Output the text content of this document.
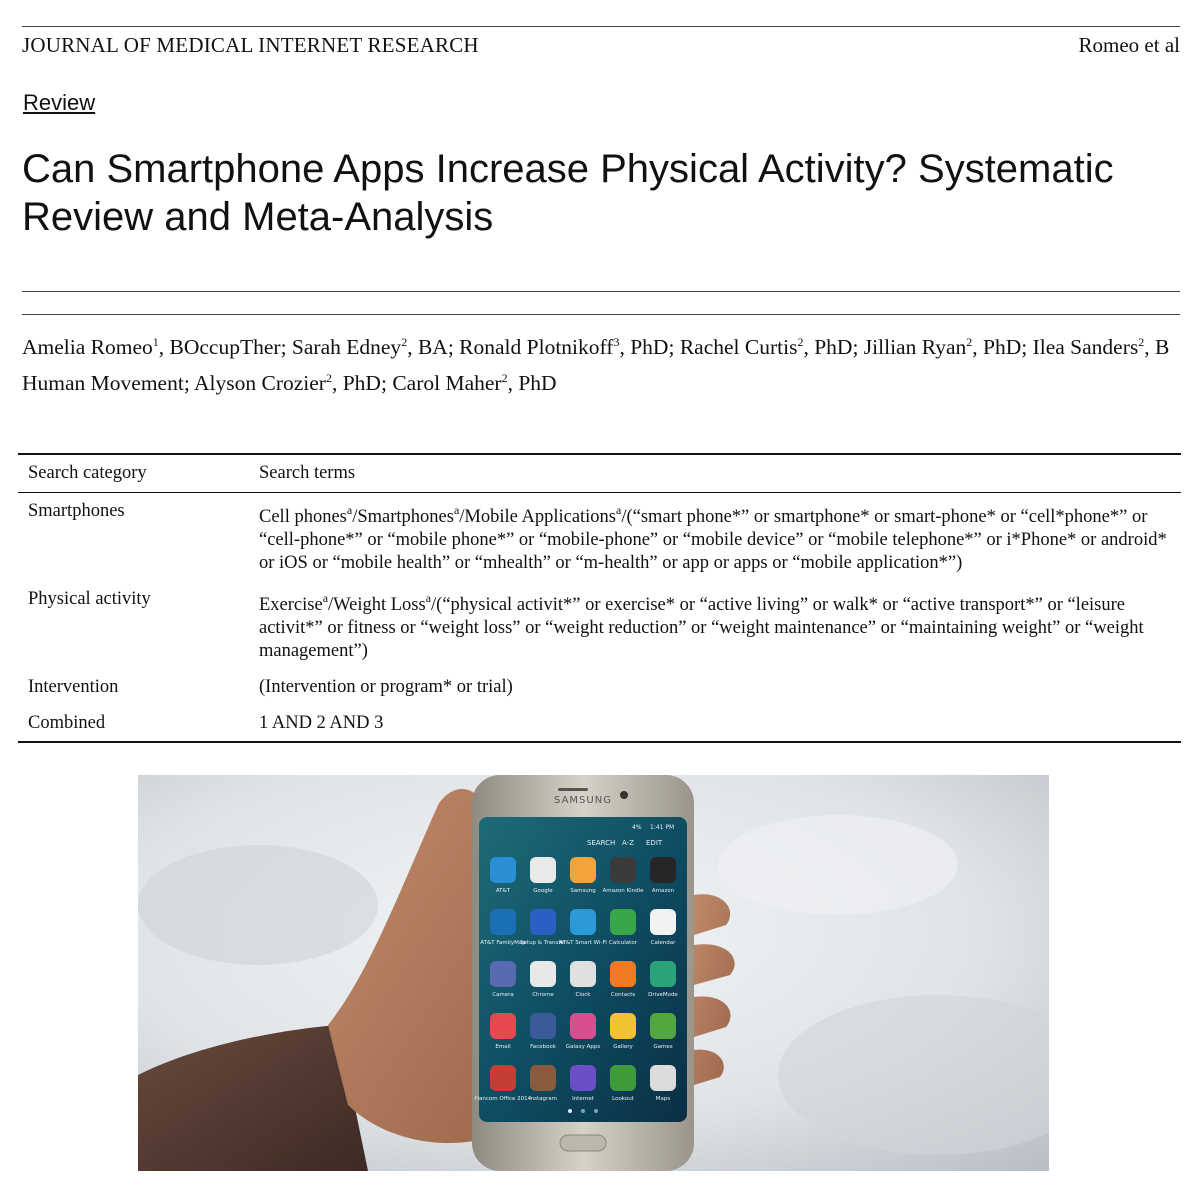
JOURNAL OF MEDICAL INTERNET RESEARCH	Romeo et al
Review
Can Smartphone Apps Increase Physical Activity? Systematic Review and Meta-Analysis
Amelia Romeo$^1$, BOccupTher; Sarah Edney$^2$, BA; Ronald Plotnikoff$^3$, PhD; Rachel Curtis$^2$, PhD; Jillian Ryan$^2$, PhD; Ilea Sanders$^2$, B Human Movement; Alyson Crozier$^2$, PhD; Carol Maher$^2$, PhD
Search category	Search terms
Smartphones	Cell phones$^a$/Smartphones$^a$/Mobile Applications$^a$/(“smart phone*” or smartphone* or smart-phone* or “cell*phone*” or “cell-phone*” or “mobile phone*” or “mobile-phone” or “mobile device” or “mobile telephone*” or i*Phone* or android* or iOS or “mobile health” or “mhealth” or “m-health” or app or apps or “mobile application*”)
Physical activity	Exercise$^a$/Weight Loss$^a$/(“physical activit*” or exercise* or “active living” or walk* or “active transport*” or “leisure activit*” or fitness or “weight loss” or “weight reduction” or “weight maintenance” or “maintaining weight” or “weight management”)
Intervention	(Intervention or program* or trial)
Combined	1 AND 2 AND 3
SAMSUNG
4% 1:41 PM
SEARCH A-Z EDIT
AT&T	Google	Samsung Amazon Kindle Amazon
AT&T FamilyMap
Setup & Transfer
AT&T Smart Wi-Fi Calculator Calendar
Camera	Chrome	Clock	Contacts DriveMode
Email	Facebook Galaxy Apps Gallery	Games
Hancom Office 2014
Instagram	Internet	Lookout	Maps
